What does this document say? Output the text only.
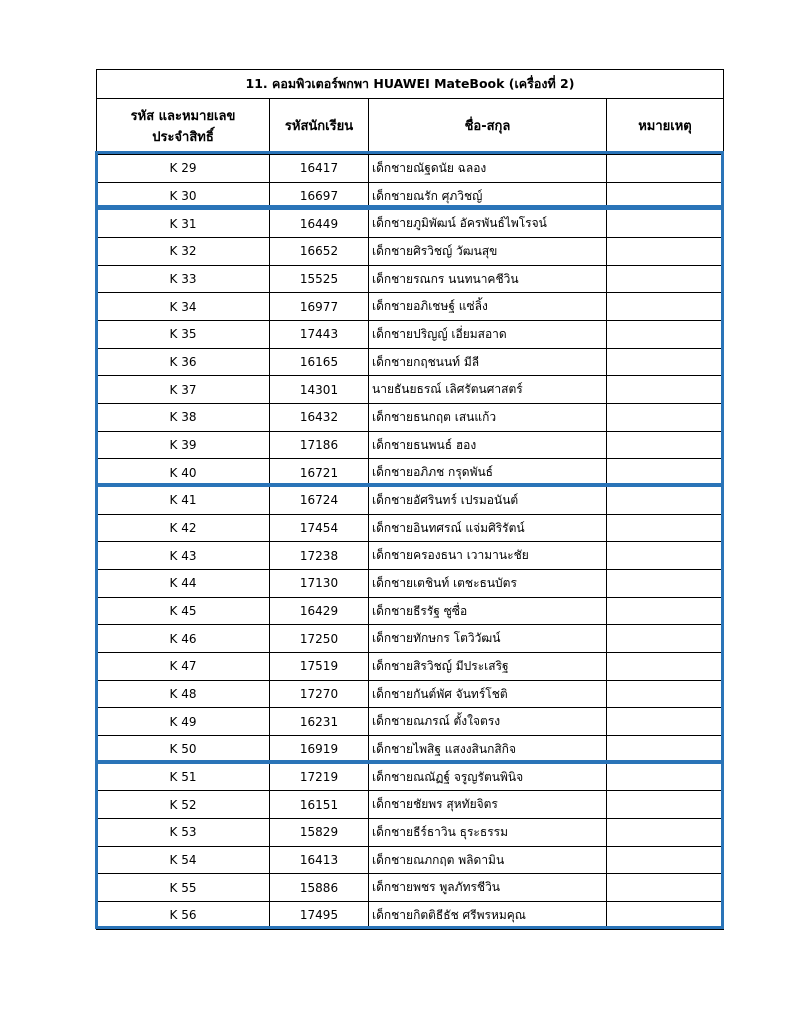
11. คอมพิวเตอร์พกพา HUAWEI MateBook (เครื่องที่ 2)			
รหัส และหมายเลข
ประจำสิทธิ์	รหัสนักเรียน	ชื่อ-สกุล	หมายเหตุ
K 29	16417	เด็กชายณัฐดนัย ฉลอง	
K 30	16697	เด็กชายณรัก ศุภวิชญ์	
K 31	16449	เด็กชายภูมิพัฒน์ อัครพันธ์ไพโรจน์	
K 32	16652	เด็กชายศิรวิชญ์ วัฒนสุข	
K 33	15525	เด็กชายรณกร นนทนาคชีวิน	
K 34	16977	เด็กชายอภิเชษฐ์ แซ่ลิ้ง	
K 35	17443	เด็กชายปริญญ์ เอี่ยมสอาด	
K 36	16165	เด็กชายกฤชนนท์ มีลี	
K 37	14301	นายธันยธรณ์ เลิศรัตนศาสตร์	
K 38	16432	เด็กชายธนกฤต เสนแก้ว	
K 39	17186	เด็กชายธนพนธ์ ฮอง	
K 40	16721	เด็กชายอภิภช กรุดพันธ์	
K 41	16724	เด็กชายอัศรินทร์ เปรมอนันต์	
K 42	17454	เด็กชายอินทศรณ์ แจ่มศิริรัตน์	
K 43	17238	เด็กชายครองธนา เวามานะชัย	
K 44	17130	เด็กชายเตชินท์ เตชะธนบัตร	
K 45	16429	เด็กชายธีรรัฐ ซูซื่อ	
K 46	17250	เด็กชายทักษกร โตวิวัฒน์	
K 47	17519	เด็กชายสิรวิชญ์ มีประเสริฐ	
K 48	17270	เด็กชายกันต์พัศ จันทร์โชติ	
K 49	16231	เด็กชายณภรณ์ ตั้งใจตรง	
K 50	16919	เด็กชายไพสิฐ แสงงสินกสิกิจ	
K 51	17219	เด็กชายณณัฏฐ์ จรูญรัตนพินิจ	
K 52	16151	เด็กชายชัยพร สุหทัยจิตร	
K 53	15829	เด็กชายธีร์ธาวิน ธุระธรรม	
K 54	16413	เด็กชายณภกฤต พลิดามิน	
K 55	15886	เด็กชายพชร พูลภัทรชีวิน	
K 56	17495	เด็กชายกิตติธีธัช ศรีพรหมคุณ	
